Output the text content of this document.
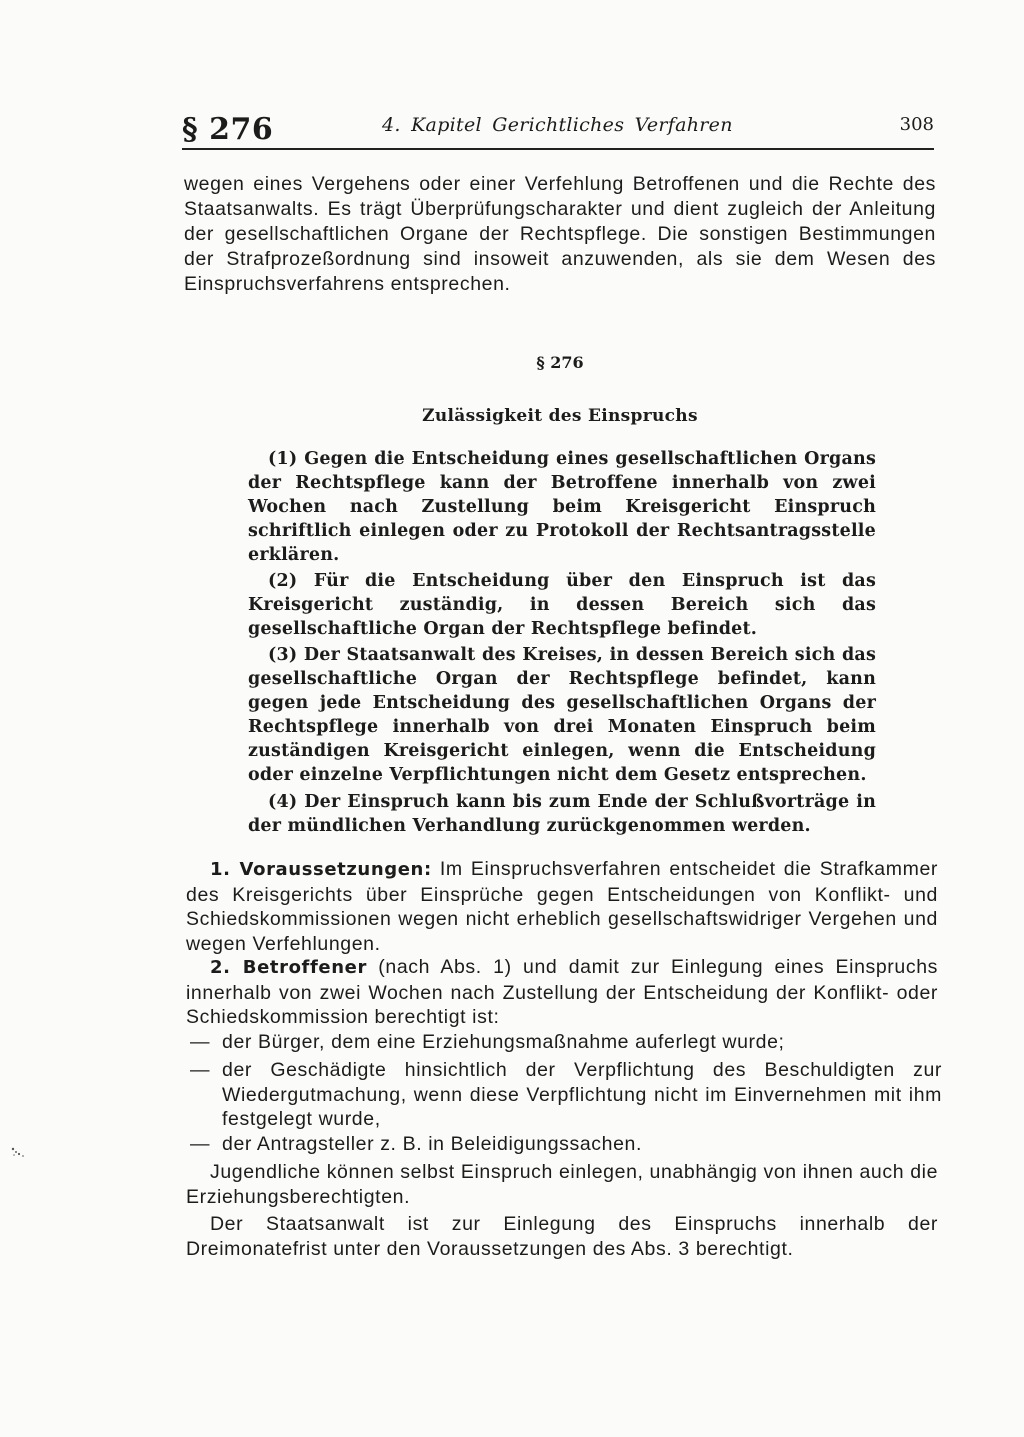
§ 276	4. Kapitel Gerichtliches Verfahren	308
wegen eines Vergehens oder einer Verfehlung Betroffenen und die Rechte des Staatsanwalts. Es trägt Überprüfungscharakter und dient zugleich der Anleitung der gesellschaftlichen Organe der Rechtspflege. Die sonstigen Bestimmungen der Strafprozeßordnung sind insoweit anzuwenden, als sie dem Wesen des Einspruchsverfahrens entsprechen.
§ 276
Zulässigkeit des Einspruchs
(1) Gegen die Entscheidung eines gesellschaftlichen Organs der Rechtspflege kann der Betroffene innerhalb von zwei Wochen nach Zustellung beim Kreisgericht Einspruch schriftlich einlegen oder zu Protokoll der Rechtsantragsstelle erklären.
(2) Für die Entscheidung über den Einspruch ist das Kreisgericht zuständig, in dessen Bereich sich das gesellschaftliche Organ der Rechtspflege befindet.
(3) Der Staatsanwalt des Kreises, in dessen Bereich sich das gesellschaftliche Organ der Rechtspflege befindet, kann gegen jede Entscheidung des gesellschaftlichen Organs der Rechtspflege innerhalb von drei Monaten Einspruch beim zuständigen Kreisgericht einlegen, wenn die Entscheidung oder einzelne Verpflichtungen nicht dem Gesetz entsprechen.
(4) Der Einspruch kann bis zum Ende der Schlußvorträge in der mündlichen Verhandlung zurückgenommen werden.
1. Voraussetzungen: Im Einspruchsverfahren entscheidet die Strafkammer des Kreisgerichts über Einsprüche gegen Entscheidungen von Konflikt- und Schiedskommissionen wegen nicht erheblich gesellschaftswidriger Vergehen und wegen Verfehlungen.
2. Betroffener (nach Abs. 1) und damit zur Einlegung eines Einspruchs innerhalb von zwei Wochen nach Zustellung der Entscheidung der Konflikt- oder Schiedskommission berechtigt ist:
— der Bürger, dem eine Erziehungsmaßnahme auferlegt wurde;
— der Geschädigte hinsichtlich der Verpflichtung des Beschuldigten zur Wiedergutmachung, wenn diese Verpflichtung nicht im Einvernehmen mit ihm festgelegt wurde,
— der Antragsteller z. B. in Beleidigungssachen.
Jugendliche können selbst Einspruch einlegen, unabhängig von ihnen auch die Erziehungsberechtigten.
Der Staatsanwalt ist zur Einlegung des Einspruchs innerhalb der Dreimonatefrist unter den Voraussetzungen des Abs. 3 berechtigt.
